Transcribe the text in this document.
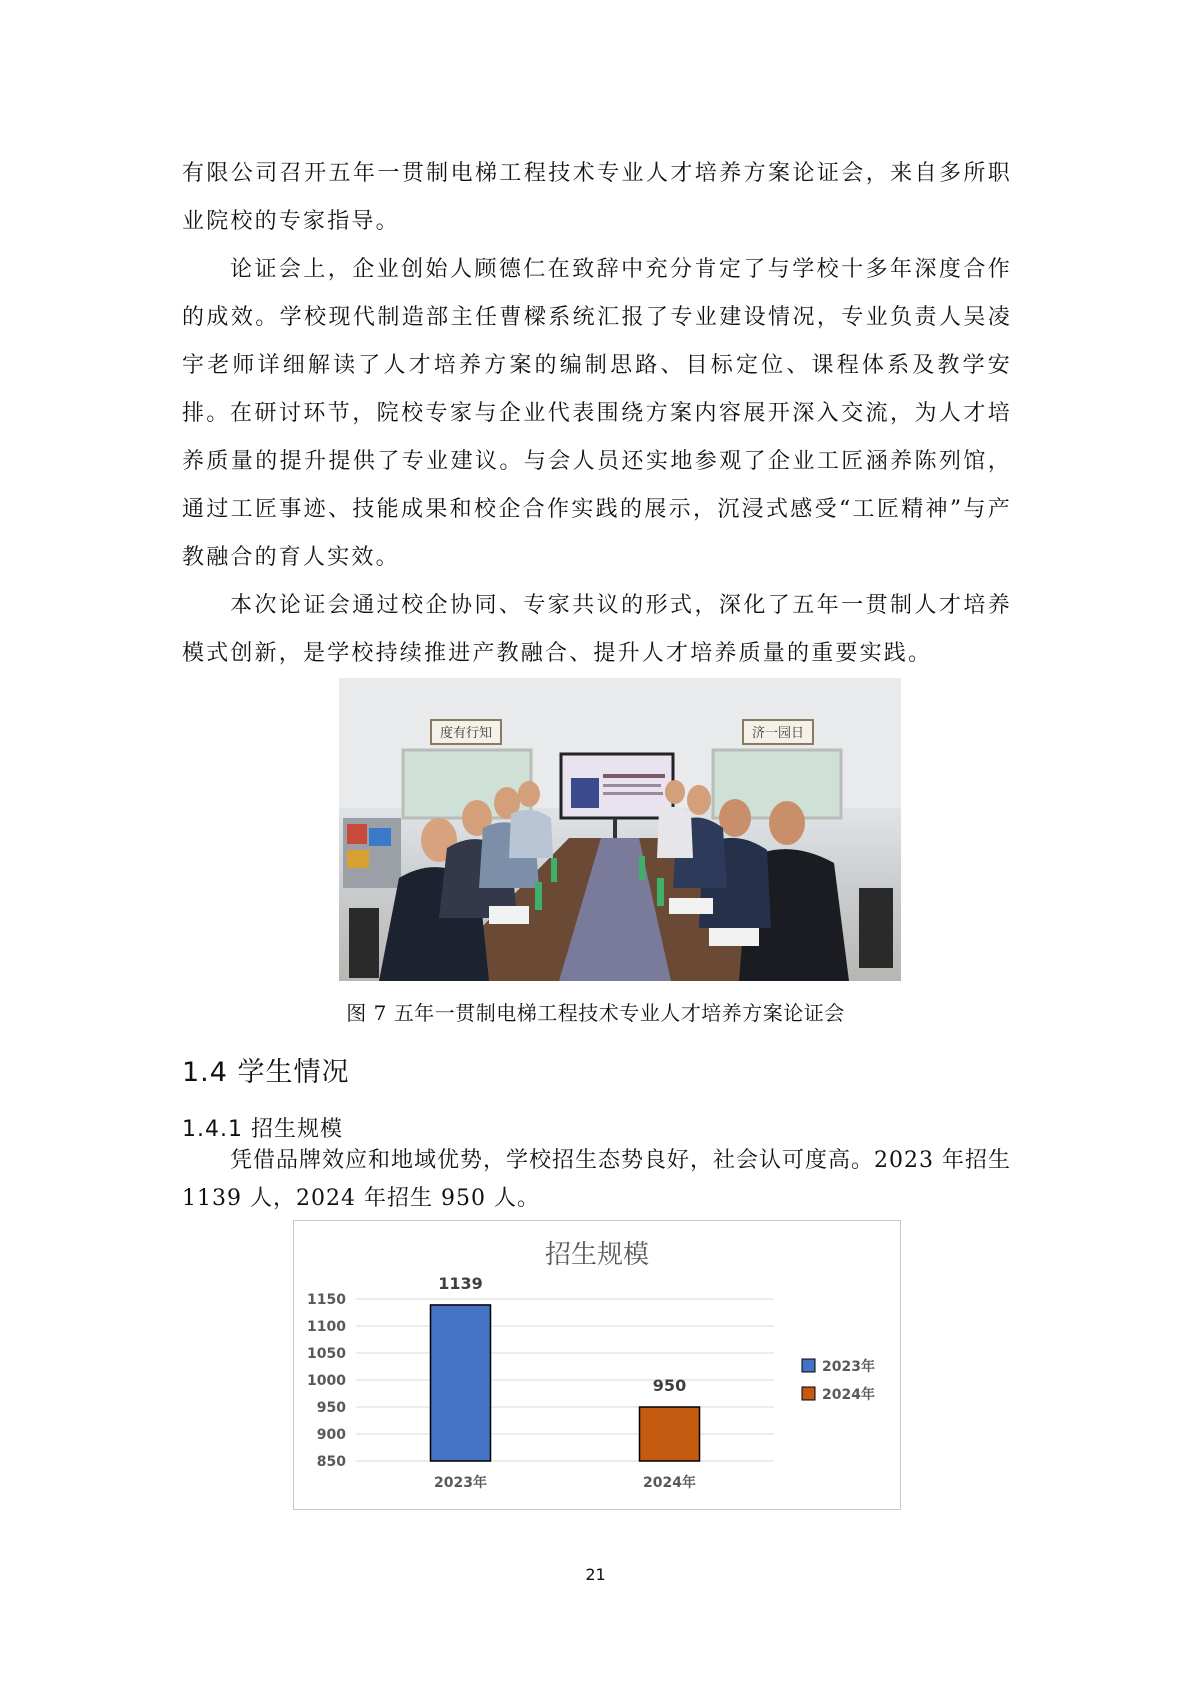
有限公司召开五年一贯制电梯工程技术专业人才培养方案论证会，来自多所职业院校的专家指导。

论证会上，企业创始人顾德仁在致辞中充分肯定了与学校十多年深度合作的成效。学校现代制造部主任曹樑系统汇报了专业建设情况，专业负责人吴凌宇老师详细解读了人才培养方案的编制思路、目标定位、课程体系及教学安排。 在研讨环节，院校专家与企业代表围绕方案内容展开深入交流，为人才培养质量的提升提供了专业建议。与会人员还实地参观了企业工匠涵养陈列馆，通过工匠事迹、技能成果和校企合作实践的展示，沉浸式感受“工匠精神”与产教融合的育人实效。

本次论证会通过校企协同、专家共议的形式，深化了五年一贯制人才培养模式创新，是学校持续推进产教融合、提升人才培养质量的重要实践。

度有行知	济一园日
图 7 五年一贯制电梯工程技术专业人才培养方案论证会
1.4 学生情况
1.4.1 招生规模

凭借品牌效应和地域优势，学校招生态势良好，社会认可度高。2023 年招生 1139 人，2024 年招生 950 人。

招生规模
850
900
950
1000
1050
1100
1150
1139
2023年
950
2024年
2023年
2024年
21
